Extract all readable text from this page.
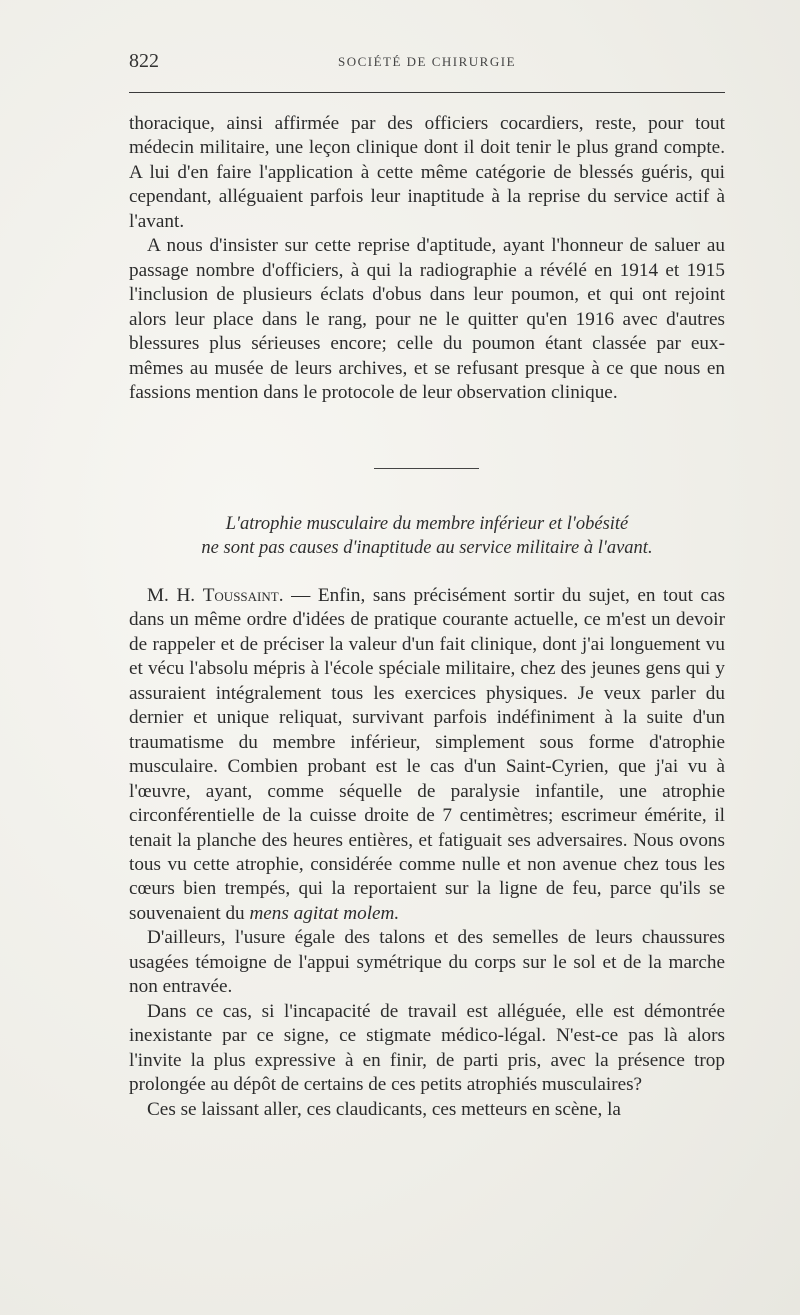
822	SOCIÉTÉ DE CHIRURGIE

thoracique, ainsi affirmée par des officiers cocardiers, reste, pour tout médecin militaire, une leçon clinique dont il doit tenir le plus grand compte. A lui d'en faire l'application à cette même catégorie de blessés guéris, qui cependant, alléguaient parfois leur inaptitude à la reprise du service actif à l'avant.

A nous d'insister sur cette reprise d'aptitude, ayant l'honneur de saluer au passage nombre d'officiers, à qui la radiographie a révélé en 1914 et 1915 l'inclusion de plusieurs éclats d'obus dans leur poumon, et qui ont rejoint alors leur place dans le rang, pour ne le quitter qu'en 1916 avec d'autres blessures plus sérieuses encore; celle du poumon étant classée par eux-mêmes au musée de leurs archives, et se refusant presque à ce que nous en fassions mention dans le protocole de leur observation clinique.

L'atrophie musculaire du membre inférieur et l'obésité
ne sont pas causes d'inaptitude au service militaire à l'avant.

M. H. Toussaint. — Enfin, sans précisément sortir du sujet, en tout cas dans un même ordre d'idées de pratique courante actuelle, ce m'est un devoir de rappeler et de préciser la valeur d'un fait clinique, dont j'ai longuement vu et vécu l'absolu mépris à l'école spéciale militaire, chez des jeunes gens qui y assuraient intégralement tous les exercices physiques. Je veux parler du dernier et unique reliquat, survivant parfois indéfiniment à la suite d'un traumatisme du membre inférieur, simplement sous forme d'atrophie musculaire. Combien probant est le cas d'un Saint-Cyrien, que j'ai vu à l'œuvre, ayant, comme séquelle de paralysie infantile, une atrophie circonférentielle de la cuisse droite de 7 centimètres; escrimeur émérite, il tenait la planche des heures entières, et fatiguait ses adversaires. Nous ovons tous vu cette atrophie, considérée comme nulle et non avenue chez tous les cœurs bien trempés, qui la reportaient sur la ligne de feu, parce qu'ils se souvenaient du mens agitat molem.

D'ailleurs, l'usure égale des talons et des semelles de leurs chaussures usagées témoigne de l'appui symétrique du corps sur le sol et de la marche non entravée.

Dans ce cas, si l'incapacité de travail est alléguée, elle est démontrée inexistante par ce signe, ce stigmate médico-légal. N'est-ce pas là alors l'invite la plus expressive à en finir, de parti pris, avec la présence trop prolongée au dépôt de certains de ces petits atrophiés musculaires?

Ces se laissant aller, ces claudicants, ces metteurs en scène, la
